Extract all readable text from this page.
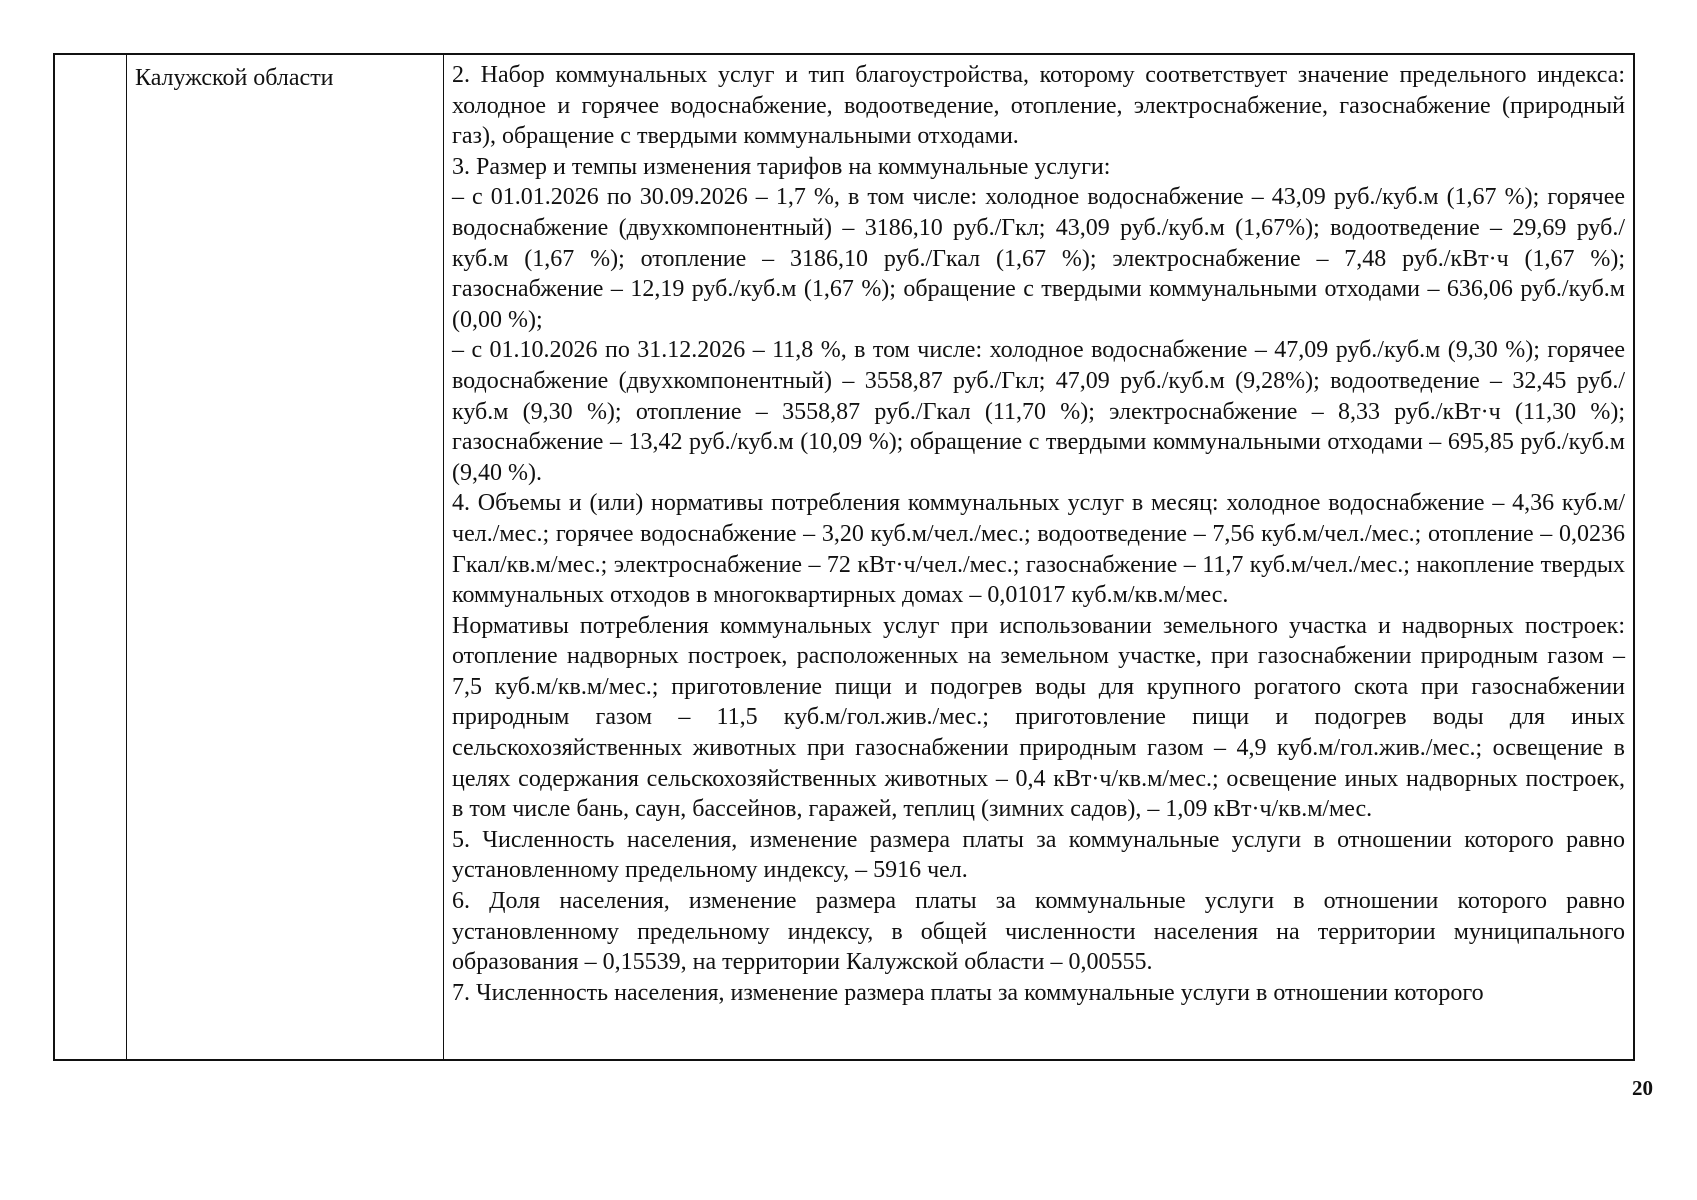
Калужской области	2. Набор коммунальных услуг и тип благоустройства, которому соответствует значение предельного индекса: холодное и горячее водоснабжение, водоотведение, отопление, электроснабжение, газоснабжение (природный газ), обращение с твердыми коммунальными отходами.

3. Размер и темпы изменения тарифов на коммунальные услуги:

– с 01.01.2026 по 30.09.2026 – 1,7 %, в том числе: холодное водоснабжение – 43,09 руб./куб.м (1,67 %); горячее водоснабжение (двухкомпонентный) – 3186,10 руб./Гкл; 43,09 руб./куб.м (1,67%); водоотведение – 29,69 руб./куб.м (1,67 %); отопление – 3186,10 руб./Гкал (1,67 %); электроснабжение – 7,48 руб./кВт·ч (1,67 %); газоснабжение – 12,19 руб./куб.м (1,67 %); обращение с твердыми коммунальными отходами – 636,06 руб./куб.м (0,00 %);

– с 01.10.2026 по 31.12.2026 – 11,8 %, в том числе: холодное водоснабжение – 47,09 руб./куб.м (9,30 %); горячее водоснабжение (двухкомпонентный) – 3558,87 руб./Гкл; 47,09 руб./куб.м (9,28%); водоотведение – 32,45 руб./куб.м (9,30 %); отопление – 3558,87 руб./Гкал (11,70 %); электроснабжение – 8,33 руб./кВт·ч (11,30 %); газоснабжение – 13,42 руб./куб.м (10,09 %); обращение с твердыми коммунальными отходами – 695,85 руб./куб.м (9,40 %).

4. Объемы и (или) нормативы потребления коммунальных услуг в месяц: холодное водоснабжение – 4,36 куб.м/чел./мес.; горячее водоснабжение – 3,20 куб.м/чел./мес.; водоотведение – 7,56 куб.м/чел./мес.; отопление – 0,0236 Гкал/кв.м/мес.; электроснабжение – 72 кВт·ч/чел./мес.; газоснабжение – 11,7 куб.м/чел./мес.; накопление твердых коммунальных отходов в многоквартирных домах – 0,01017 куб.м/кв.м/мес.

Нормативы потребления коммунальных услуг при использовании земельного участка и надворных построек: отопление надворных построек, расположенных на земельном участке, при газоснабжении природным газом – 7,5 куб.м/кв.м/мес.; приготовление пищи и подогрев воды для крупного рогатого скота при газоснабжении природным газом – 11,5 куб.м/гол.жив./мес.; приготовление пищи и подогрев воды для иных сельскохозяйственных животных при газоснабжении природным газом – 4,9 куб.м/гол.жив./мес.; освещение в целях содержания сельскохозяйственных животных – 0,4 кВт·ч/кв.м/мес.; освещение иных надворных построек, в том числе бань, саун, бассейнов, гаражей, теплиц (зимних садов), – 1,09 кВт·ч/кв.м/мес.

5. Численность населения, изменение размера платы за коммунальные услуги в отношении которого равно установленному предельному индексу, – 5916 чел.

6. Доля населения, изменение размера платы за коммунальные услуги в отношении которого равно установленному предельному индексу, в общей численности населения на территории муниципального образования – 0,15539, на территории Калужской области – 0,00555.

7. Численность населения, изменение размера платы за коммунальные услуги в отношении которого

20
